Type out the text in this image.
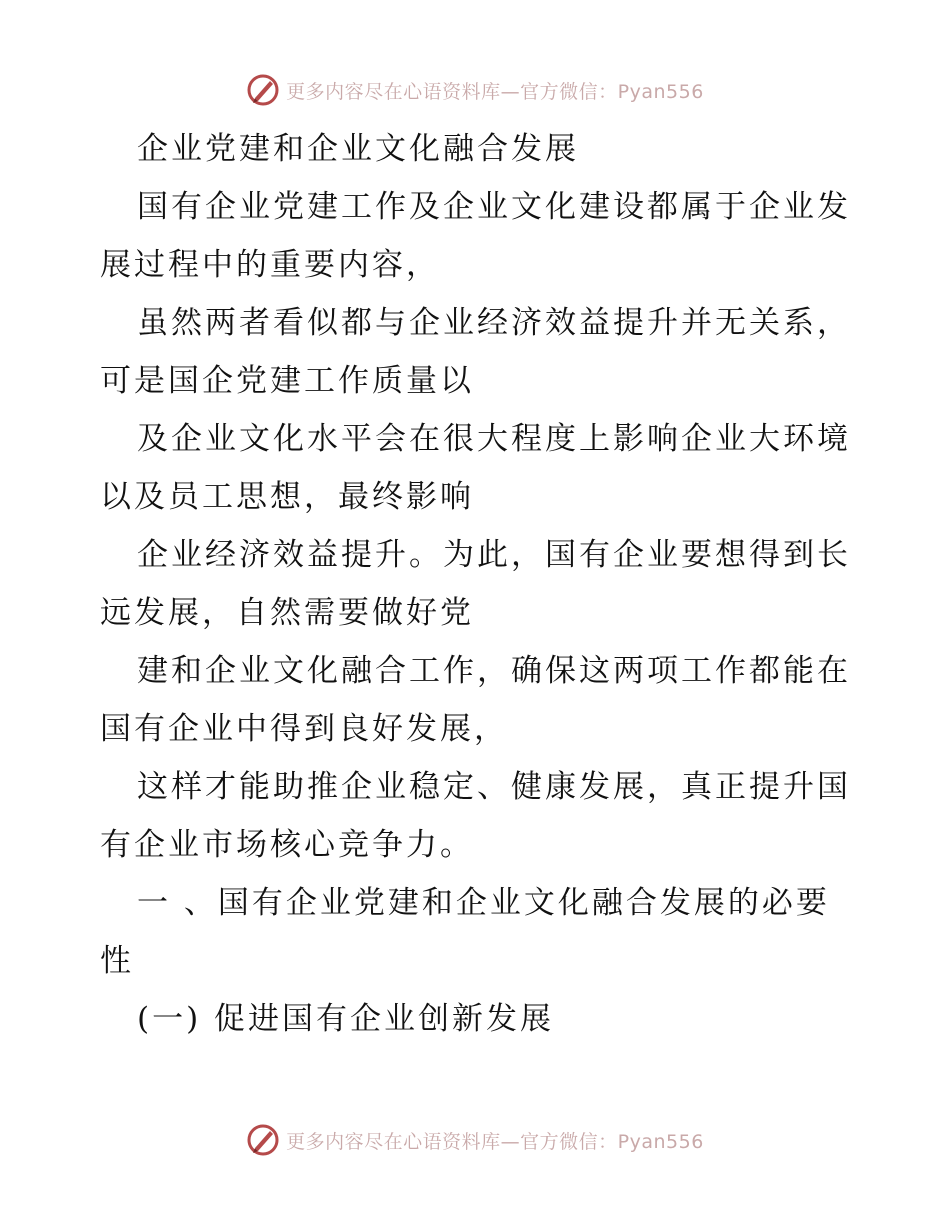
更多内容尽在心语资料库—官方微信：Pyan556

企业党建和企业文化融合发展

国有企业党建工作及企业文化建设都属于企业发展过程中的重要内容，

虽然两者看似都与企业经济效益提升并无关系，可是国企党建工作质量以

及企业文化水平会在很大程度上影响企业大环境以及员工思想，最终影响

企业经济效益提升。为此，国有企业要想得到长远发展，自然需要做好党

建和企业文化融合工作，确保这两项工作都能在国有企业中得到良好发展，

这样才能助推企业稳定、健康发展，真正提升国有企业市场核心竞争力。

一 、国有企业党建和企业文化融合发展的必要性

(一) 促进国有企业创新发展

更多内容尽在心语资料库—官方微信：Pyan556
